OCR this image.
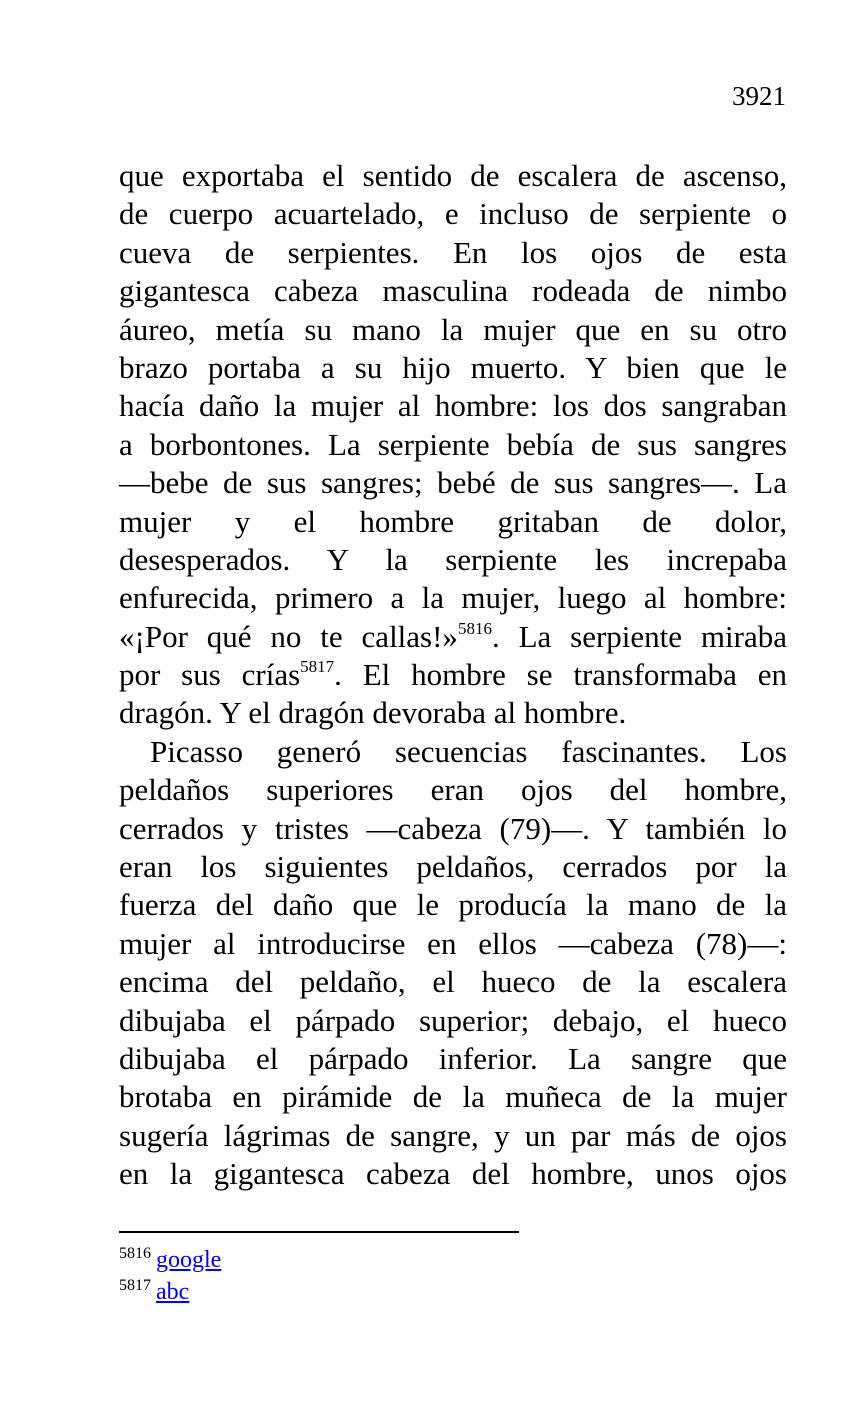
3921
que exportaba el sentido de escalera de ascenso,
de cuerpo acuartelado, e incluso de serpiente o
cueva de serpientes. En los ojos de esta
gigantesca cabeza masculina rodeada de nimbo
áureo, metía su mano la mujer que en su otro
brazo portaba a su hijo muerto. Y bien que le
hacía daño la mujer al hombre: los dos sangraban
a borbontones. La serpiente bebía de sus sangres
—bebe de sus sangres; bebé de sus sangres—. La
mujer y el hombre gritaban de dolor,
desesperados. Y la serpiente les increpaba
enfurecida, primero a la mujer, luego al hombre:
«¡Por qué no te callas!»$^{5816}$. La serpiente miraba
por sus crías$^{5817}$. El hombre se transformaba en
dragón. Y el dragón devoraba al hombre.
Picasso generó secuencias fascinantes. Los
peldaños superiores eran ojos del hombre,
cerrados y tristes —cabeza (79)—. Y también lo
eran los siguientes peldaños, cerrados por la
fuerza del daño que le producía la mano de la
mujer al introducirse en ellos —cabeza (78)—:
encima del peldaño, el hueco de la escalera
dibujaba el párpado superior; debajo, el hueco
dibujaba el párpado inferior. La sangre que
brotaba en pirámide de la muñeca de la mujer
sugería lágrimas de sangre, y un par más de ojos
en la gigantesca cabeza del hombre, unos ojos
$^{5816}$ google
$^{5817}$ abc
